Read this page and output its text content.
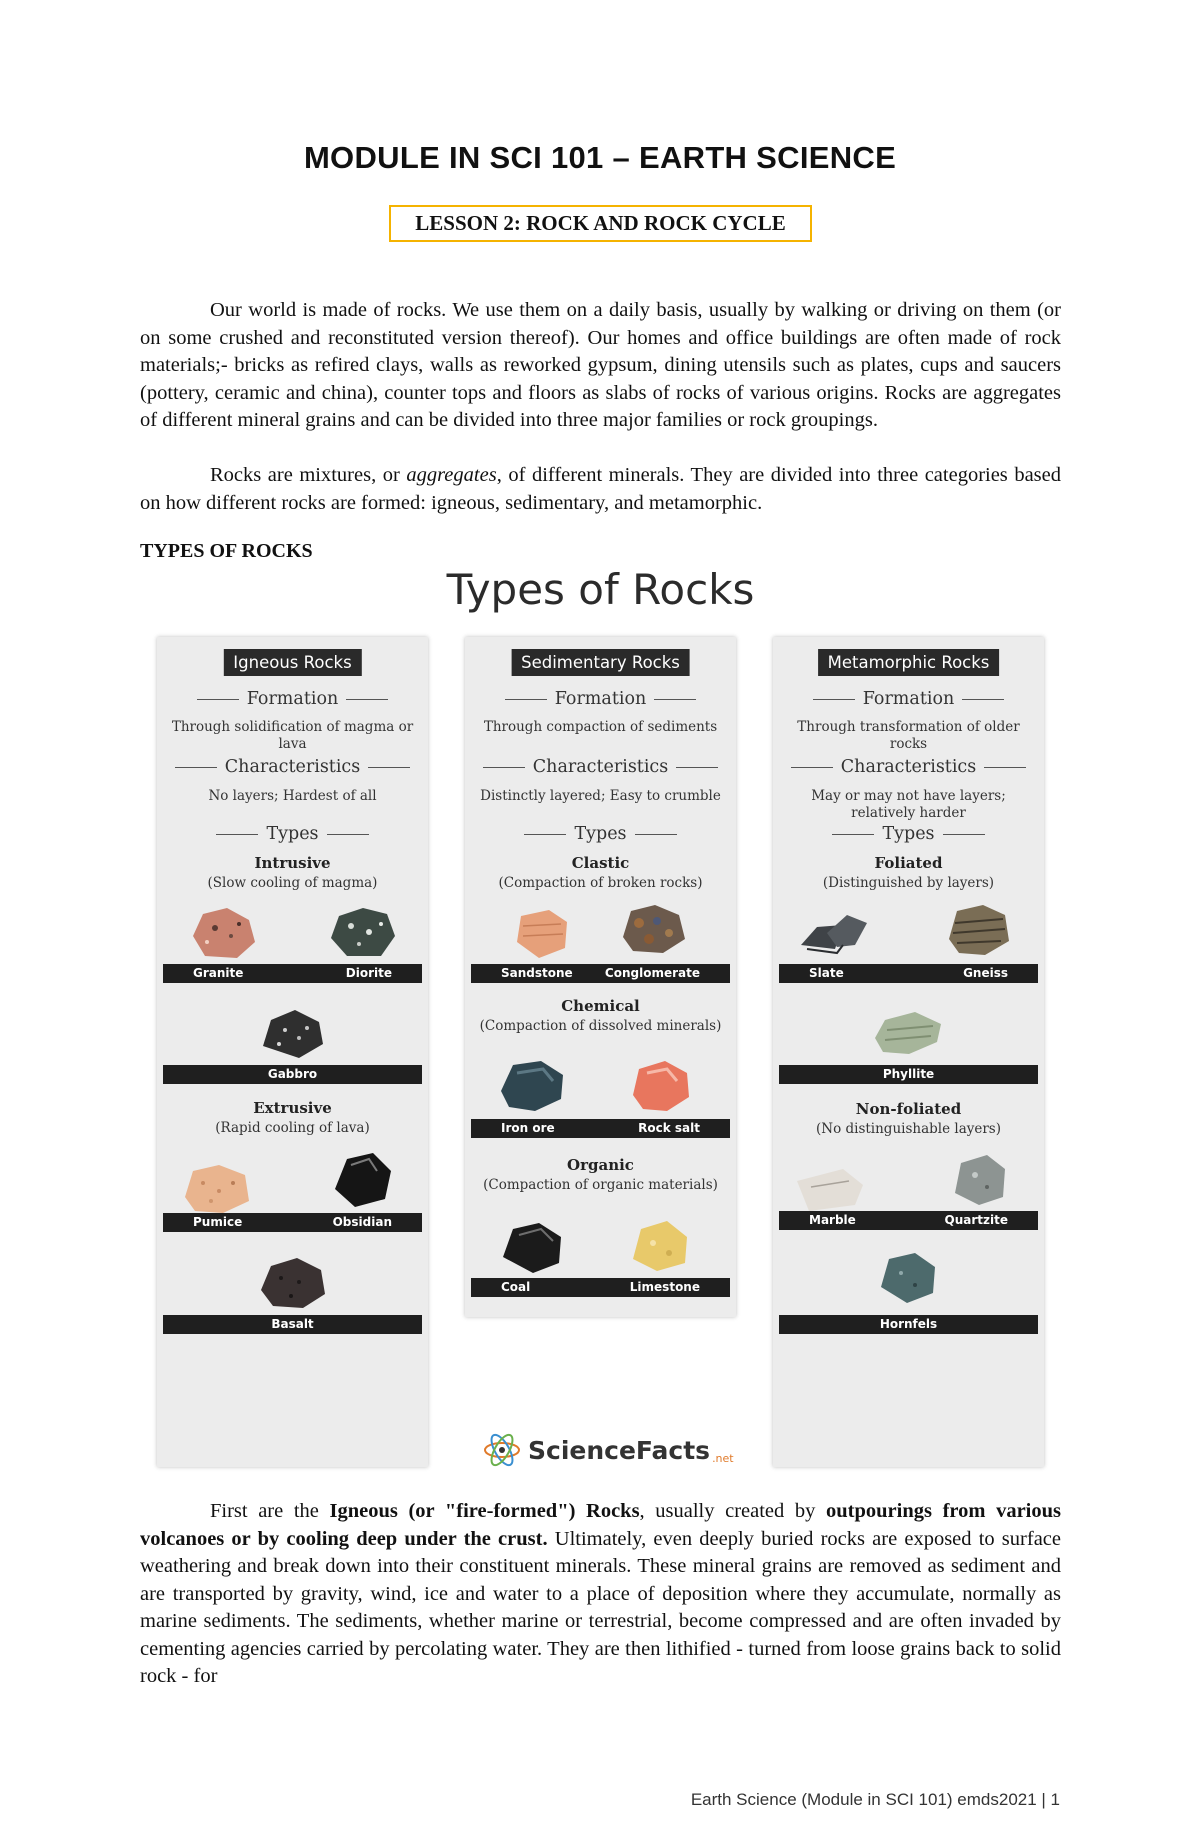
MODULE IN SCI 101 – EARTH SCIENCE
LESSON 2: ROCK AND ROCK CYCLE

Our world is made of rocks. We use them on a daily basis, usually by walking or driving on them (or on some crushed and reconstituted version thereof). Our homes and office buildings are often made of rock materials;- bricks as refired clays, walls as reworked gypsum, dining utensils such as plates, cups and saucers (pottery, ceramic and china), counter tops and floors as slabs of rocks of various origins. Rocks are aggregates of different mineral grains and can be divided into three major families or rock groupings.

Rocks are mixtures, or aggregates, of different minerals. They are divided into three categories based on how different rocks are formed: igneous, sedimentary, and metamorphic.

TYPES OF ROCKS
Types of Rocks
Igneous Rocks
Formation
Through solidification of magma or lava
Characteristics
No layers; Hardest of all
Types
Intrusive
(Slow cooling of magma)
Granite	Diorite
Gabbro
Extrusive
(Rapid cooling of lava)
Pumice	Obsidian
Basalt
Sedimentary Rocks
Formation
Through compaction of sediments
Characteristics
Distinctly layered; Easy to crumble
Types
Clastic
(Compaction of broken rocks)
Sandstone	Conglomerate
Chemical
(Compaction of dissolved minerals)
Iron ore	Rock salt
Organic
(Compaction of organic materials)
Coal	Limestone
Metamorphic Rocks
Formation
Through transformation of older rocks
Characteristics
May or may not have layers; relatively harder
Types
Foliated
(Distinguished by layers)
Slate	Gneiss
Phyllite
Non-foliated
(No distinguishable layers)
Marble	Quartzite
Hornfels
ScienceFacts .net

First are the Igneous (or "fire-formed") Rocks, usually created by outpourings from various volcanoes or by cooling deep under the crust. Ultimately, even deeply buried rocks are exposed to surface weathering and break down into their constituent minerals. These mineral grains are removed as sediment and are transported by gravity, wind, ice and water to a place of deposition where they accumulate, normally as marine sediments. The sediments, whether marine or terrestrial, become compressed and are often invaded by cementing agencies carried by percolating water. They are then lithified - turned from loose grains back to solid rock - for

Earth Science (Module in SCI 101) emds2021 | 1
